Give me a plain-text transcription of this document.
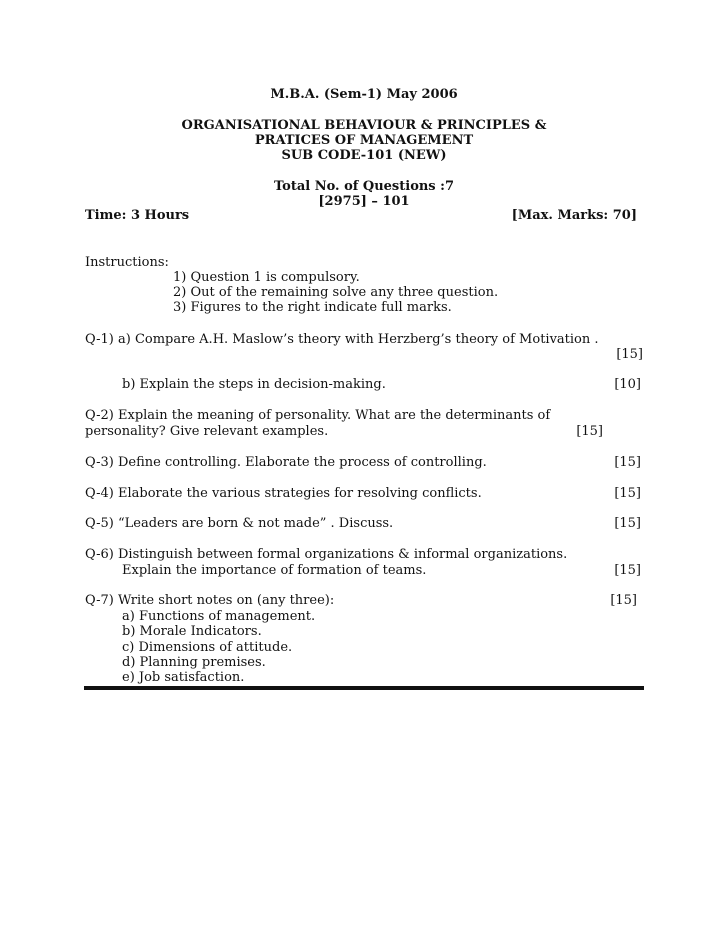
M.B.A. (Sem-1) May 2006
ORGANISATIONAL BEHAVIOUR & PRINCIPLES &
PRATICES OF MANAGEMENT
SUB CODE-101 (NEW)
Total No. of Questions :7
[2975] – 101
Time: 3 Hours	[Max. Marks: 70]
Instructions:
1) Question 1 is compulsory.
2) Out of the remaining solve any three question.
3) Figures to the right indicate full marks.
Q-1) a) Compare A.H. Maslow’s theory with Herzberg’s theory of Motivation .
[15]
b) Explain the steps in decision-making.	[10]
Q-2) Explain the meaning of personality. What are the determinants of
personality? Give relevant examples.	[15]
Q-3) Define controlling. Elaborate the process of controlling.	[15]
Q-4) Elaborate the various strategies for resolving conflicts.	[15]
Q-5) “Leaders are born & not made” . Discuss.	[15]
Q-6) Distinguish between formal organizations & informal organizations.
Explain the importance of formation of teams.	[15]
Q-7) Write short notes on (any three):	[15]
a) Functions of management.
b) Morale Indicators.
c) Dimensions of attitude.
d) Planning premises.
e) Job satisfaction.
